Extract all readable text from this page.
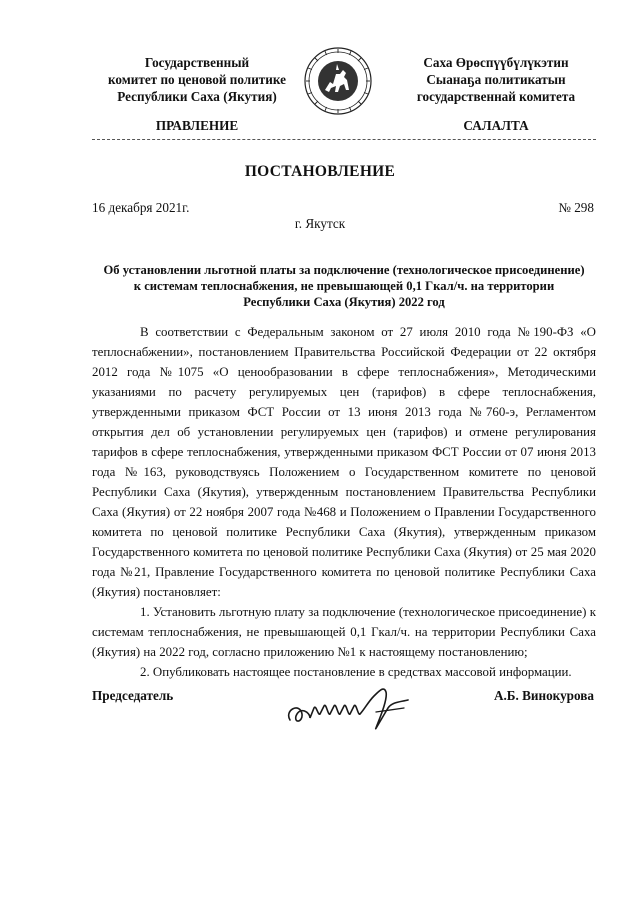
Государственный
комитет по ценовой политике
Республики Саха (Якутия)
Саха Өрөспүүбүлүкэтин
Сыанаҕа политикатын
государственнай комитета
ПРАВЛЕНИЕ	САЛАЛТА
ПОСТАНОВЛЕНИЕ
16 декабря 2021г.	№ 298
г. Якутск
Об установлении льготной платы за подключение (технологическое присоединение)
к системам теплоснабжения, не превышающей 0,1 Гкал/ч. на территории
Республики Саха (Якутия) 2022 год

В соответствии с Федеральным законом от 27 июля 2010 года №190-ФЗ «О теплоснабжении», постановлением Правительства Российской Федерации от 22 октября 2012 года №1075 «О ценообразовании в сфере теплоснабжения», Методическими указаниями по расчету регулируемых цен (тарифов) в сфере теплоснабжения, утвержденными приказом ФСТ России от 13 июня 2013 года №760-э, Регламентом открытия дел об установлении регулируемых цен (тарифов) и отмене регулирования тарифов в сфере теплоснабжения, утвержденными приказом ФСТ России от 07 июня 2013 года №163, руководствуясь Положением о Государственном комитете по ценовой Республики Саха (Якутия), утвержденным постановлением Правительства Республики Саха (Якутия) от 22 ноября 2007 года №468 и Положением о Правлении Государственного комитета по ценовой политике Республики Саха (Якутия), утвержденным приказом Государственного комитета по ценовой политике Республики Саха (Якутия) от 25 мая 2020 года №21, Правление Государственного комитета по ценовой политике Республики Саха (Якутия) постановляет:

1. Установить льготную плату за подключение (технологическое присоединение) к системам теплоснабжения, не превышающей 0,1 Гкал/ч. на территории Республики Саха (Якутия) на 2022 год, согласно приложению №1 к настоящему постановлению;

2. Опубликовать настоящее постановление в средствах массовой информации.

Председатель	А.Б. Винокурова
